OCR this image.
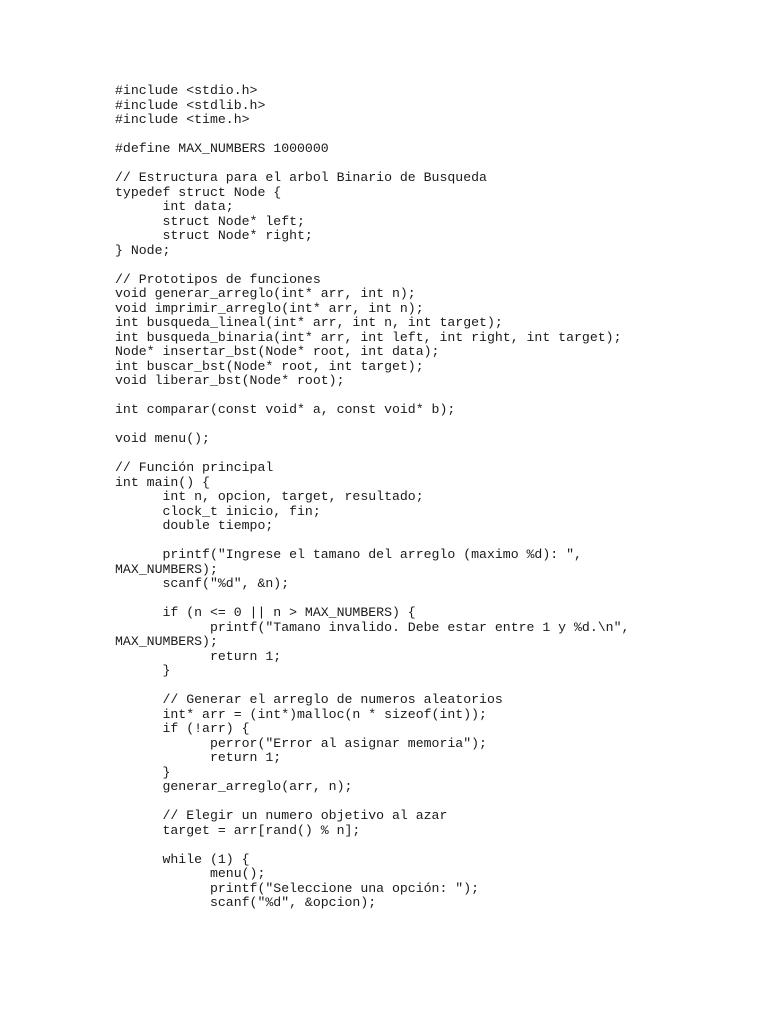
#include <stdio.h>
#include <stdlib.h>
#include <time.h>
#define MAX_NUMBERS 1000000
// Estructura para el arbol Binario de Busqueda
typedef struct Node {
int data;
struct Node* left;
struct Node* right;
} Node;
// Prototipos de funciones
void generar_arreglo(int* arr, int n);
void imprimir_arreglo(int* arr, int n);
int busqueda_lineal(int* arr, int n, int target);
int busqueda_binaria(int* arr, int left, int right, int target);
Node* insertar_bst(Node* root, int data);
int buscar_bst(Node* root, int target);
void liberar_bst(Node* root);
int comparar(const void* a, const void* b);
void menu();
// Función principal
int main() {
int n, opcion, target, resultado;
clock_t inicio, fin;
double tiempo;
printf("Ingrese el tamano del arreglo (maximo %d): ",
MAX_NUMBERS);
scanf("%d", &n);
if (n <= 0 || n > MAX_NUMBERS) {
printf("Tamano invalido. Debe estar entre 1 y %d.\n",
MAX_NUMBERS);
return 1;
}
// Generar el arreglo de numeros aleatorios
int* arr = (int*)malloc(n * sizeof(int));
if (!arr) {
perror("Error al asignar memoria");
return 1;
}
generar_arreglo(arr, n);
// Elegir un numero objetivo al azar
target = arr[rand() % n];
while (1) {
menu();
printf("Seleccione una opción: ");
scanf("%d", &opcion);
